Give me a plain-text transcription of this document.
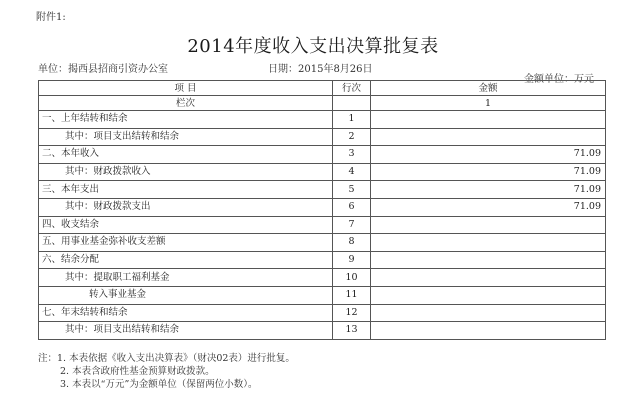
附件1:
2014年度收入支出决算批复表
单位：揭西县招商引资办公室	日期：2015年8月26日
金额单位：万元
项 目	行次	金额
栏次		1
一、上年结转和结余	1	
其中：项目支出结转和结余	2	
二、本年收入	3	71.09
其中：财政拨款收入	4	71.09
三、本年支出	5	71.09
其中：财政拨款支出	6	71.09
四、收支结余	7	
五、用事业基金弥补收支差额	8	
六、结余分配	9	
其中：提取职工福利基金	10	
转入事业基金	11	
七、年末结转和结余	12	
其中：项目支出结转和结余	13	
注：1. 本表依据《收入支出决算表》（财决02表）进行批复。
2. 本表含政府性基金预算财政拨款。
3. 本表以“万元”为金额单位（保留两位小数）。
